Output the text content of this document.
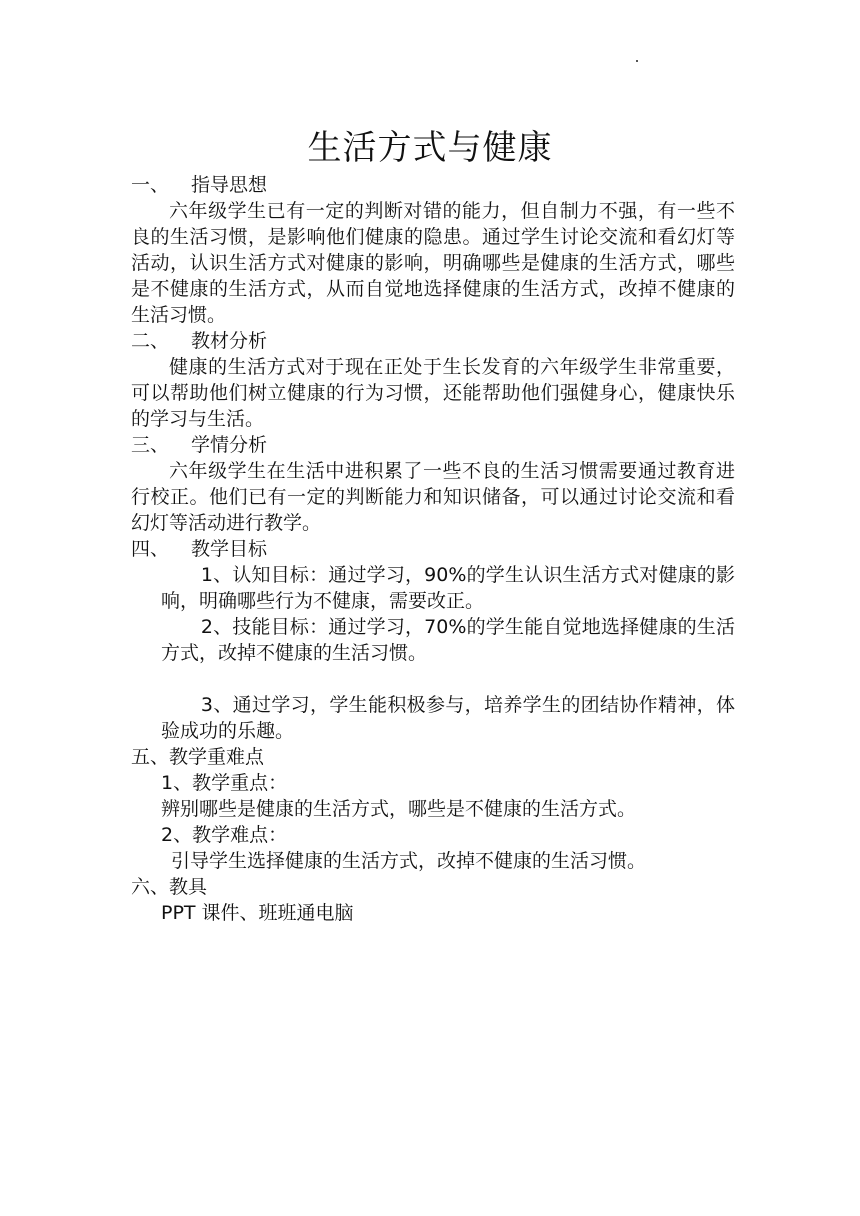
生活方式与健康
一、	指导思想
六年级学生已有一定的判断对错的能力，但自制力不强，有一些不良的生活习惯，是影响他们健康的隐患。通过学生讨论交流和看幻灯等活动，认识生活方式对健康的影响，明确哪些是健康的生活方式，哪些是不健康的生活方式，从而自觉地选择健康的生活方式，改掉不健康的生活习惯。
二、	教材分析
健康的生活方式对于现在正处于生长发育的六年级学生非常重要，可以帮助他们树立健康的行为习惯，还能帮助他们强健身心，健康快乐的学习与生活。
三、	学情分析
六年级学生在生活中进积累了一些不良的生活习惯需要通过教育进行校正。他们已有一定的判断能力和知识储备，可以通过讨论交流和看幻灯等活动进行教学。
四、	教学目标
1、认知目标：通过学习，90%的学生认识生活方式对健康的影响，明确哪些行为不健康，需要改正。
2、技能目标：通过学习，70%的学生能自觉地选择健康的生活方式，改掉不健康的生活习惯。
3、通过学习，学生能积极参与，培养学生的团结协作精神，体验成功的乐趣。
五、教学重难点
1、教学重点：
辨别哪些是健康的生活方式，哪些是不健康的生活方式。
2、教学难点：
引导学生选择健康的生活方式，改掉不健康的生活习惯。
六、教具
PPT 课件、班班通电脑
